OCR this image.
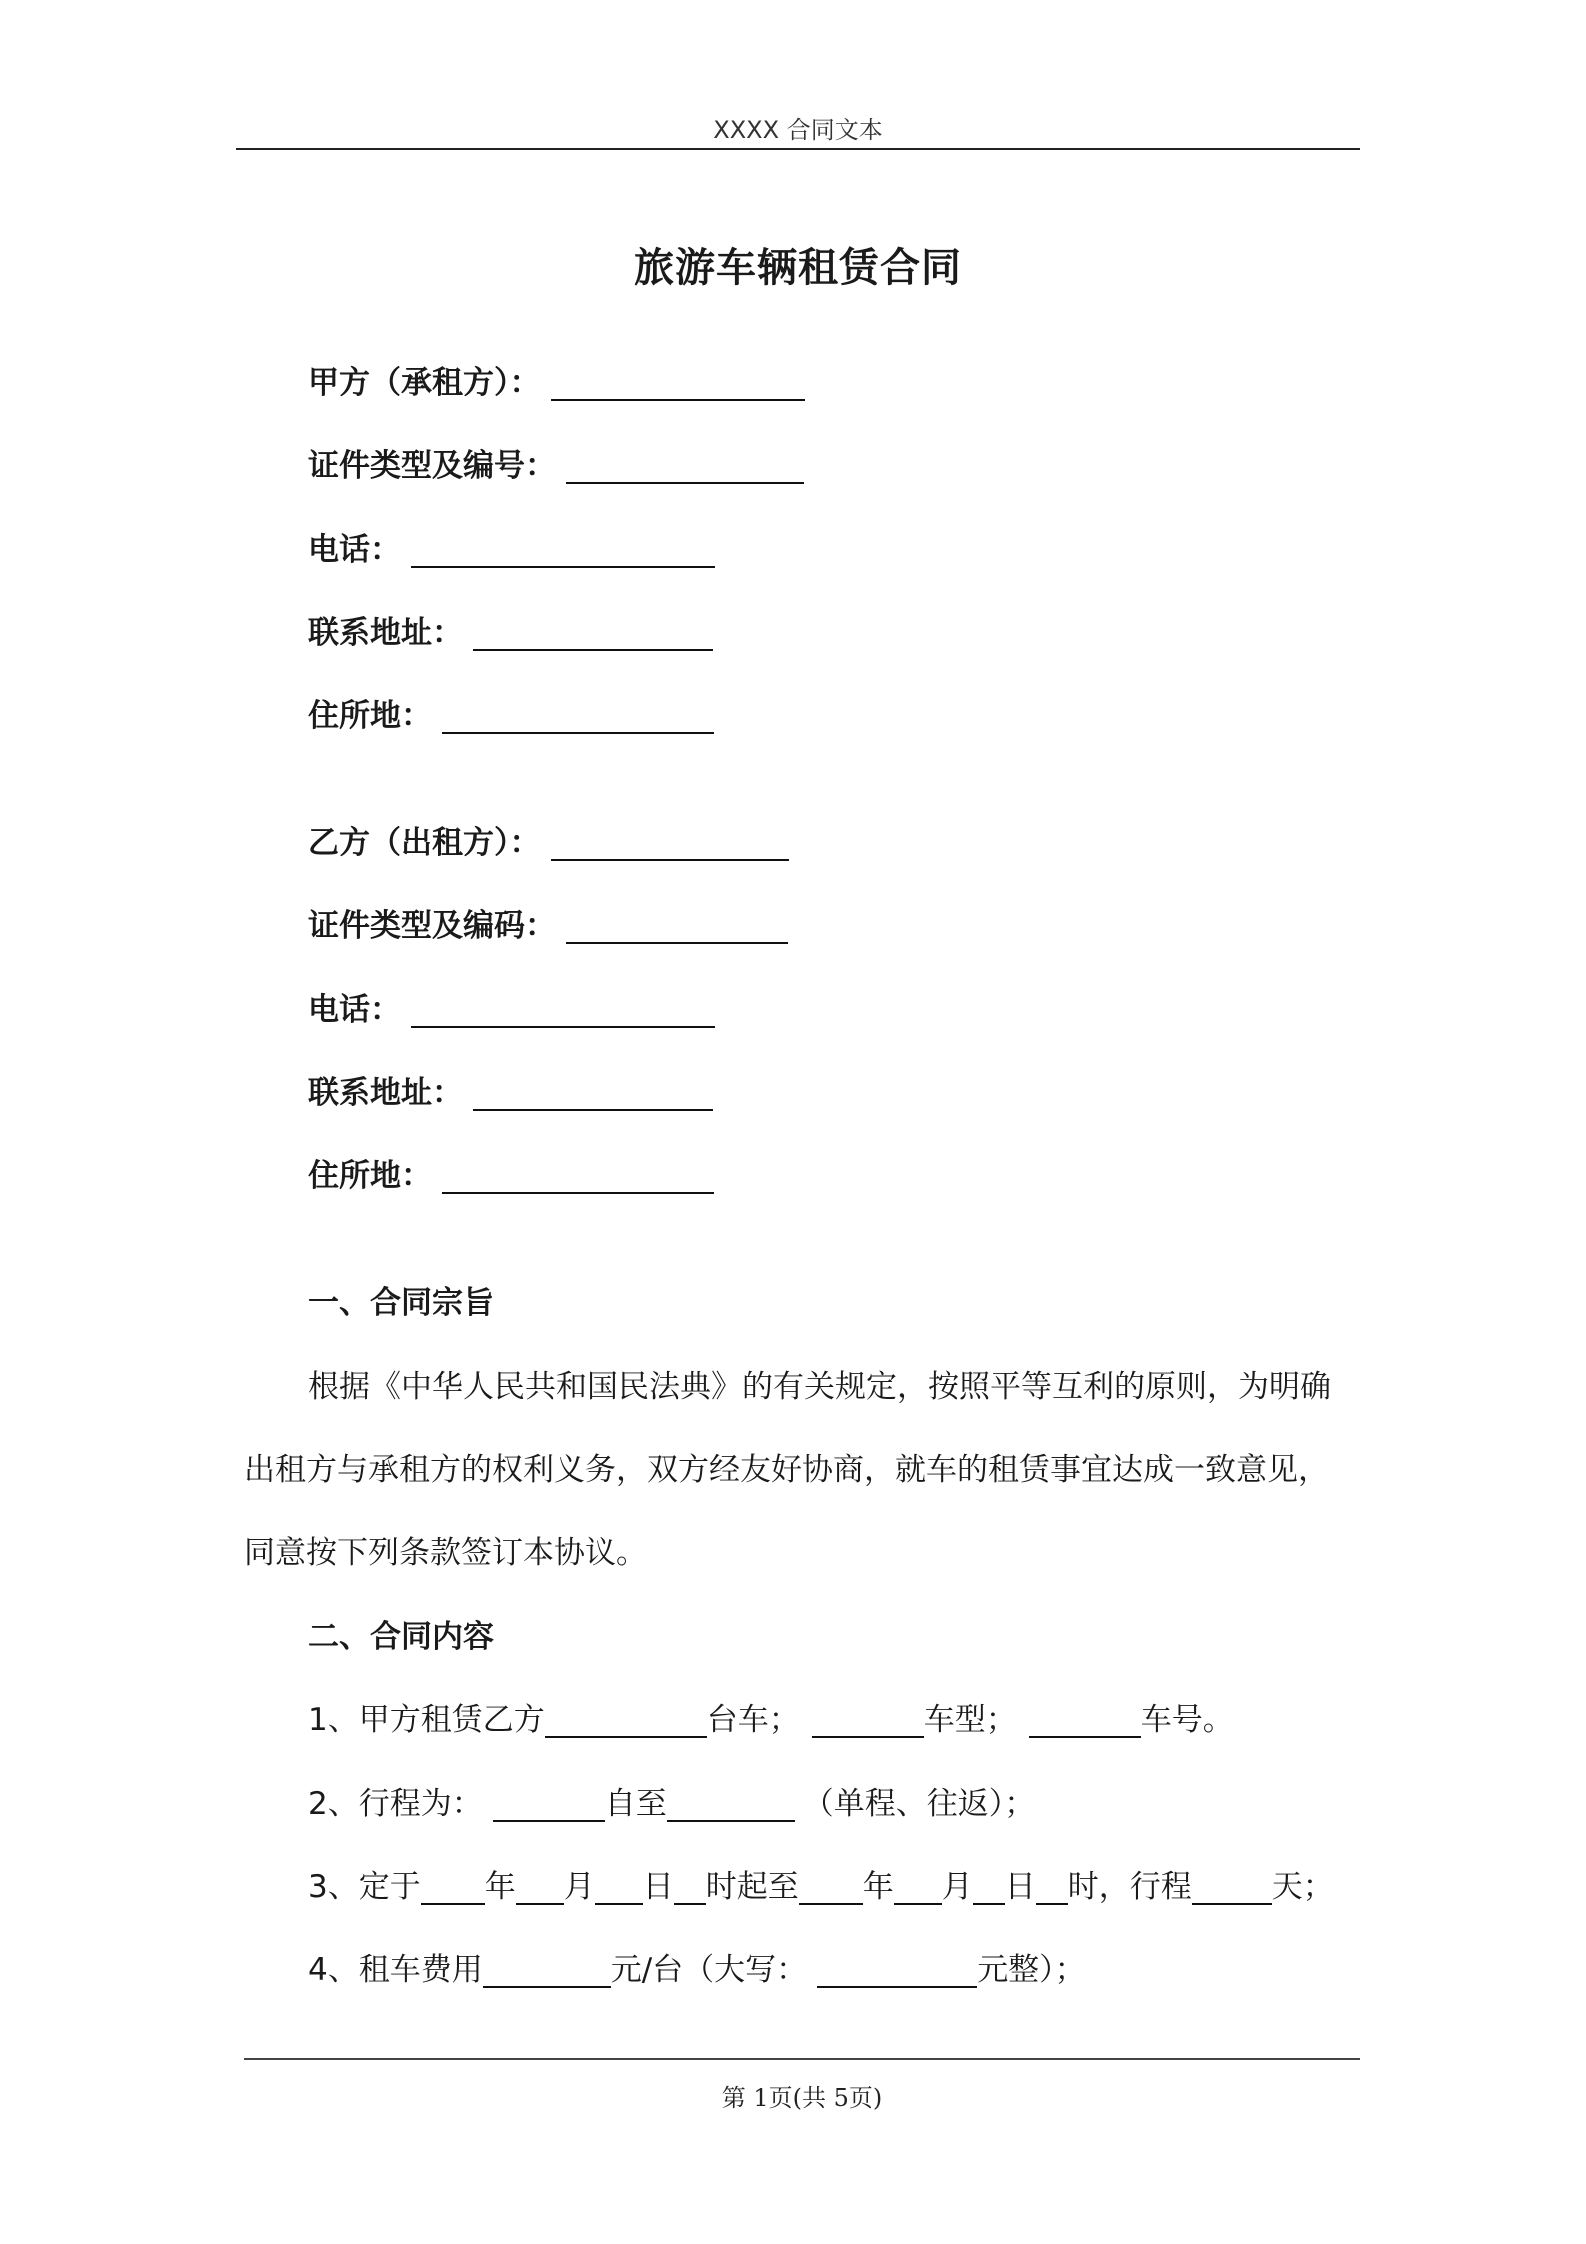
XXXX 合同文本
旅游车辆租赁合同
甲方（承租方）：
证件类型及编号：
电话：
联系地址：
住所地：
乙方（出租方）：
证件类型及编码：
电话：
联系地址：
住所地：
一、合同宗旨
根据《中华人民共和国民法典》的有关规定，按照平等互利的原则，为明确
出租方与承租方的权利义务，双方经友好协商，就车的租赁事宜达成一致意见，
同意按下列条款签订本协议。
二、合同内容
1、甲方租赁乙方	台车；	车型；	车号。
2、行程为：	自至	（单程、往返）；
3、定于 年 月 日 时起至 年 月 日 时，行程	天；
4、租车费用	元/台（大写：	元整）；
第 1页(共 5页)
